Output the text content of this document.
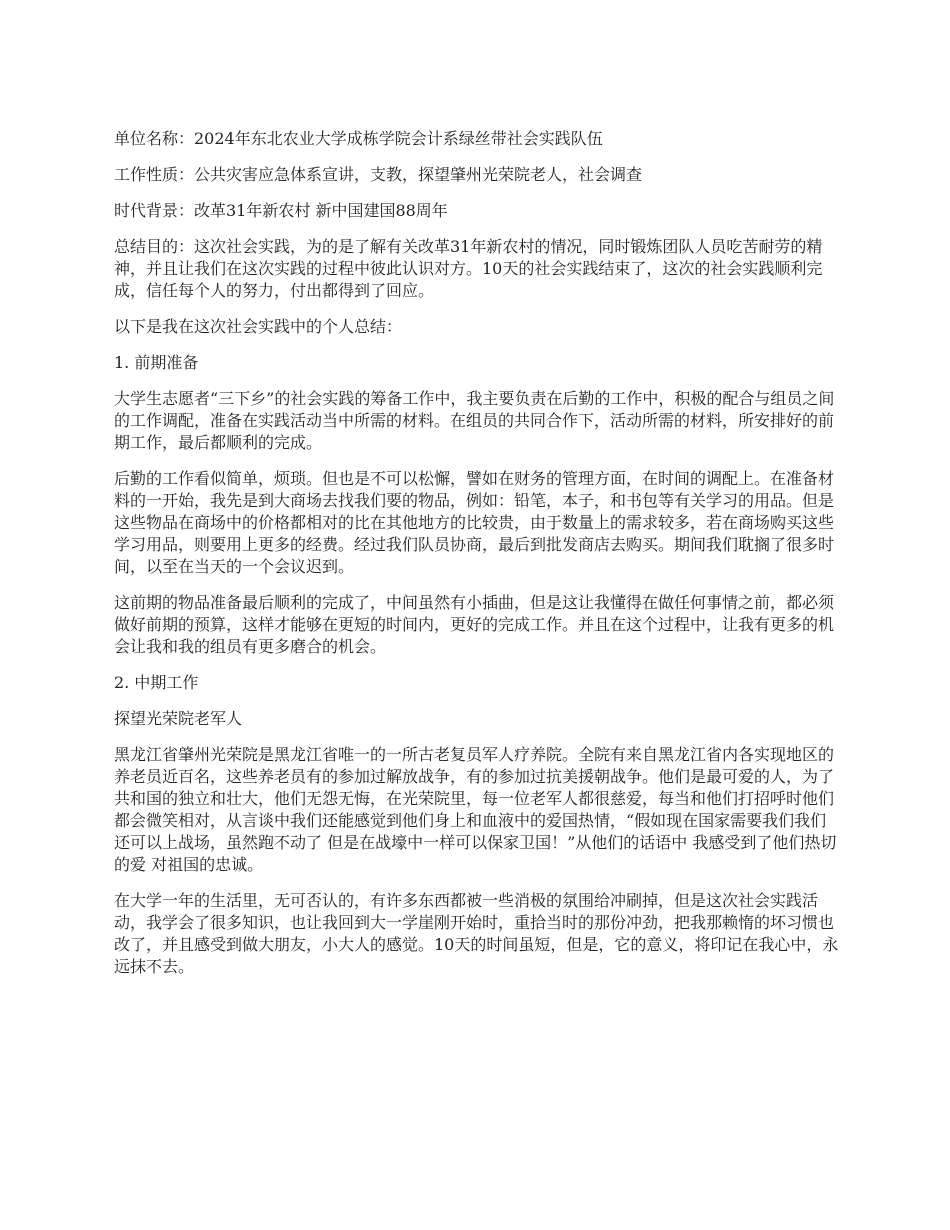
单位名称：2024年东北农业大学成栋学院会计系绿丝带社会实践队伍

工作性质：公共灾害应急体系宣讲，支教，探望肇州光荣院老人，社会调查

时代背景：改革31年新农村 新中国建国88周年

总结目的：这次社会实践，为的是了解有关改革31年新农村的情况，同时锻炼团队人员吃苦耐劳的精神，并且让我们在这次实践的过程中彼此认识对方。10天的社会实践结束了，这次的社会实践顺利完成，信任每个人的努力，付出都得到了回应。

以下是我在这次社会实践中的个人总结：

1. 前期准备

大学生志愿者“三下乡”的社会实践的筹备工作中，我主要负责在后勤的工作中，积极的配合与组员之间的工作调配，准备在实践活动当中所需的材料。在组员的共同合作下，活动所需的材料，所安排好的前期工作，最后都顺利的完成。

后勤的工作看似简单，烦琐。但也是不可以松懈，譬如在财务的管理方面，在时间的调配上。在准备材料的一开始，我先是到大商场去找我们要的物品，例如：铅笔，本子，和书包等有关学习的用品。但是这些物品在商场中的价格都相对的比在其他地方的比较贵，由于数量上的需求较多，若在商场购买这些学习用品，则要用上更多的经费。经过我们队员协商，最后到批发商店去购买。期间我们耽搁了很多时间，以至在当天的一个会议迟到。

这前期的物品准备最后顺利的完成了，中间虽然有小插曲，但是这让我懂得在做任何事情之前，都必须做好前期的预算，这样才能够在更短的时间内，更好的完成工作。并且在这个过程中，让我有更多的机会让我和我的组员有更多磨合的机会。

2. 中期工作

探望光荣院老军人

黑龙江省肇州光荣院是黑龙江省唯一的一所古老复员军人疗养院。全院有来自黑龙江省内各实现地区的养老员近百名，这些养老员有的参加过解放战争，有的参加过抗美援朝战争。他们是最可爱的人，为了共和国的独立和壮大，他们无怨无悔，在光荣院里，每一位老军人都很慈爱，每当和他们打招呼时他们都会微笑相对，从言谈中我们还能感觉到他们身上和血液中的爱国热情，“假如现在国家需要我们我们还可以上战场，虽然跑不动了 但是在战壕中一样可以保家卫国！”从他们的话语中 我感受到了他们热切的爱 对祖国的忠诚。

在大学一年的生活里，无可否认的，有许多东西都被一些消极的氛围给冲刷掉，但是这次社会实践活动，我学会了很多知识，也让我回到大一学崖刚开始时，重拾当时的那份冲劲，把我那赖惰的坏习惯也改了，并且感受到做大朋友，小大人的感觉。10天的时间虽短，但是，它的意义，将印记在我心中，永远抹不去。
